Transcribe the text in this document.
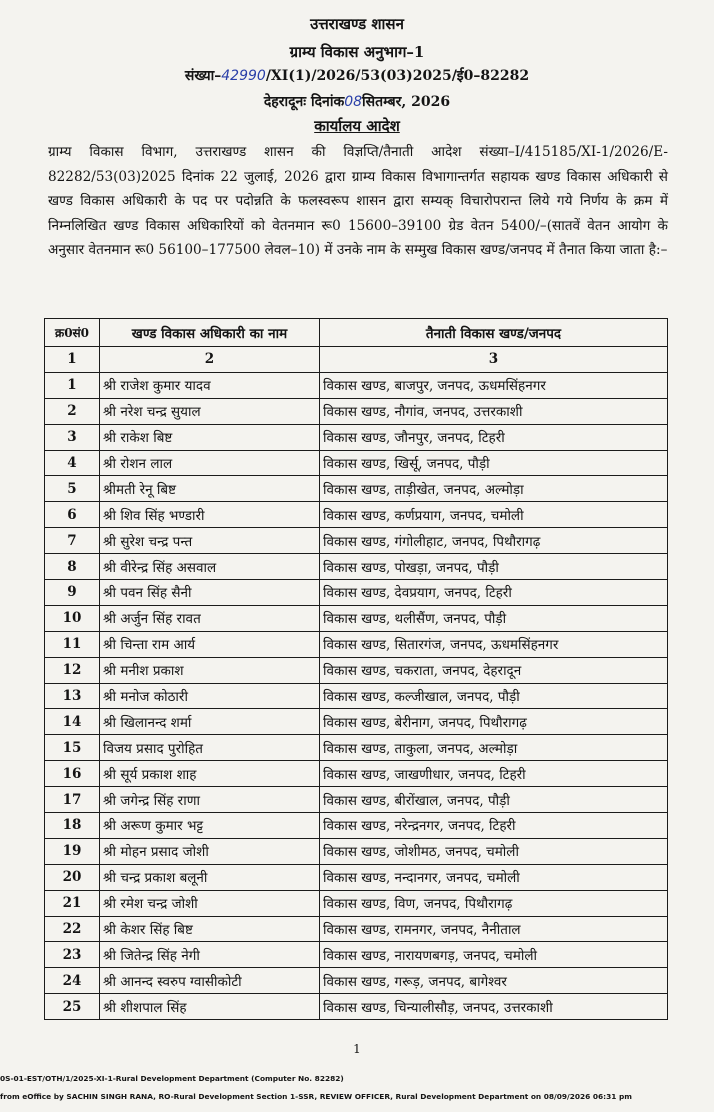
उत्तराखण्ड शासन
ग्राम्य विकास अनुभाग–1
संख्या–42990/XI(1)/2026/53(03)2025/ई0–82282
देहरादूनः दिनांक08सितम्बर, 2026
कार्यालय आदेश
ग्राम्य विकास विभाग, उत्तराखण्ड शासन की विज्ञप्ति/तैनाती आदेश संख्या–I/415185/XI-1/2026/E-82282/53(03)2025 दिनांक 22 जुलाई, 2026 द्वारा ग्राम्य विकास विभागान्तर्गत सहायक खण्ड विकास अधिकारी से खण्ड विकास अधिकारी के पद पर पदोन्नति के फलस्वरूप शासन द्वारा सम्यक् विचारोपरान्त लिये गये निर्णय के क्रम में निम्नलिखित खण्ड विकास अधिकारियों को वेतनमान रू0 15600–39100 ग्रेड वेतन 5400/–(सातवें वेतन आयोग के अनुसार वेतनमान रू0 56100–177500 लेवल–10) में उनके नाम के सम्मुख विकास खण्ड/जनपद में तैनात किया जाता है:–
क्र0सं0	खण्ड विकास अधिकारी का नाम	तैनाती विकास खण्ड/जनपद
1	2	3
1	श्री राजेश कुमार यादव	विकास खण्ड, बाजपुर, जनपद, ऊधमसिंहनगर
2	श्री नरेश चन्द्र सुयाल	विकास खण्ड, नौगांव, जनपद, उत्तरकाशी
3	श्री राकेश बिष्ट	विकास खण्ड, जौनपुर, जनपद, टिहरी
4	श्री रोशन लाल	विकास खण्ड, खिर्सू, जनपद, पौड़ी
5	श्रीमती रेनू बिष्ट	विकास खण्ड, ताड़ीखेत, जनपद, अल्मोड़ा
6	श्री शिव सिंह भण्डारी	विकास खण्ड, कर्णप्रयाग, जनपद, चमोली
7	श्री सुरेश चन्द्र पन्त	विकास खण्ड, गंगोलीहाट, जनपद, पिथौरागढ़
8	श्री वीरेन्द्र सिंह असवाल	विकास खण्ड, पोखड़ा, जनपद, पौड़ी
9	श्री पवन सिंह सैनी	विकास खण्ड, देवप्रयाग, जनपद, टिहरी
10	श्री अर्जुन सिंह रावत	विकास खण्ड, थलीसैंण, जनपद, पौड़ी
11	श्री चिन्ता राम आर्य	विकास खण्ड, सितारगंज, जनपद, ऊधमसिंहनगर
12	श्री मनीश प्रकाश	विकास खण्ड, चकराता, जनपद, देहरादून
13	श्री मनोज कोठारी	विकास खण्ड, कल्जीखाल, जनपद, पौड़ी
14	श्री खिलानन्द शर्मा	विकास खण्ड, बेरीनाग, जनपद, पिथौरागढ़
15	विजय प्रसाद पुरोहित	विकास खण्ड, ताकुला, जनपद, अल्मोड़ा
16	श्री सूर्य प्रकाश शाह	विकास खण्ड, जाखणीधार, जनपद, टिहरी
17	श्री जगेन्द्र सिंह राणा	विकास खण्ड, बीरोंखाल, जनपद, पौड़ी
18	श्री अरूण कुमार भट्ट	विकास खण्ड, नरेन्द्रनगर, जनपद, टिहरी
19	श्री मोहन प्रसाद जोशी	विकास खण्ड, जोशीमठ, जनपद, चमोली
20	श्री चन्द्र प्रकाश बलूनी	विकास खण्ड, नन्दानगर, जनपद, चमोली
21	श्री रमेश चन्द्र जोशी	विकास खण्ड, विण, जनपद, पिथौरागढ़
22	श्री केशर सिंह बिष्ट	विकास खण्ड, रामनगर, जनपद, नैनीताल
23	श्री जितेन्द्र सिंह नेगी	विकास खण्ड, नारायणबगड़, जनपद, चमोली
24	श्री आनन्द स्वरुप ग्वासीकोटी	विकास खण्ड, गरूड़, जनपद, बागेश्वर
25	श्री शीशपाल सिंह	विकास खण्ड, चिन्यालीसौड़, जनपद, उत्तरकाशी
1
0S-01-EST/OTH/1/2025-XI-1-Rural Development Department (Computer No. 82282)
from eOffice by SACHIN SINGH RANA, RO-Rural Development Section 1-SSR, REVIEW OFFICER, Rural Development Department on 08/09/2026 06:31 pm
